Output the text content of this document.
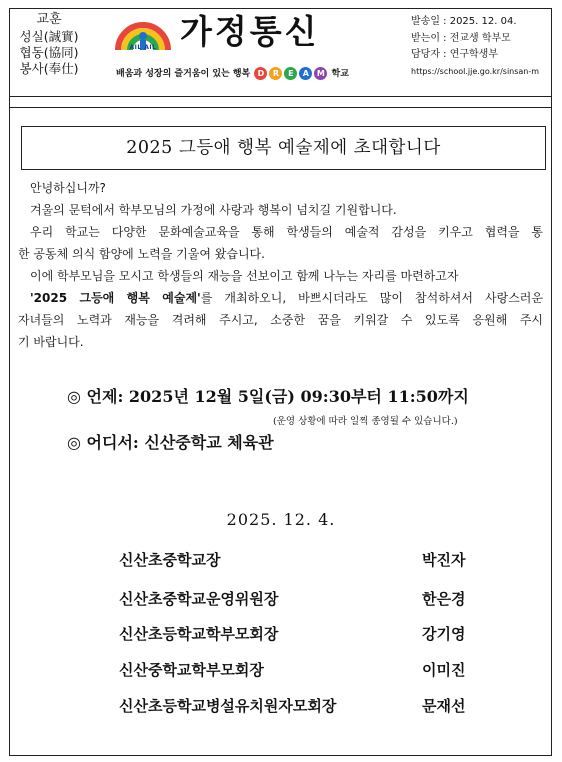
교훈
성실(誠實)
협동(協同)
봉사(奉仕)
AIL AIL 가정통신
배움과 성장의 즐거움이 있는 행복 D R E A M 학교
발송일 : 2025. 12. 04.
받는이 : 전교생 학부모
담당자 : 연구학생부
https://school.jje.go.kr/sinsan-m
2025 그등애 행복 예술제에 초대합니다

안녕하십니까?

겨울의 문턱에서 학부모님의 가정에 사랑과 행복이 넘치길 기원합니다.

우리 학교는 다양한 문화예술교육을 통해 학생들의 예술적 감성을 키우고 협력을 통

한 공동체 의식 함양에 노력을 기울여 왔습니다.

이에 학부모님을 모시고 학생들의 재능을 선보이고 함께 나누는 자리를 마련하고자

'2025 그등애 행복 예술제'를 개최하오니, 바쁘시더라도 많이 참석하셔서 사랑스러운

자녀들의 노력과 재능을 격려해 주시고, 소중한 꿈을 키워갈 수 있도록 응원해 주시

기 바랍니다.

◎ 언제: 2025년 12월 5일(금) 09:30부터 11:50까지
(운영 상황에 따라 일찍 종영될 수 있습니다.)
◎ 어디서: 신산중학교 체육관
2025. 12. 4.
신산초중학교장	박진자
신산초중학교운영위원장	한은경
신산초등학교학부모회장	강기영
신산중학교학부모회장	이미진
신산초등학교병설유치원자모회장	문재선
